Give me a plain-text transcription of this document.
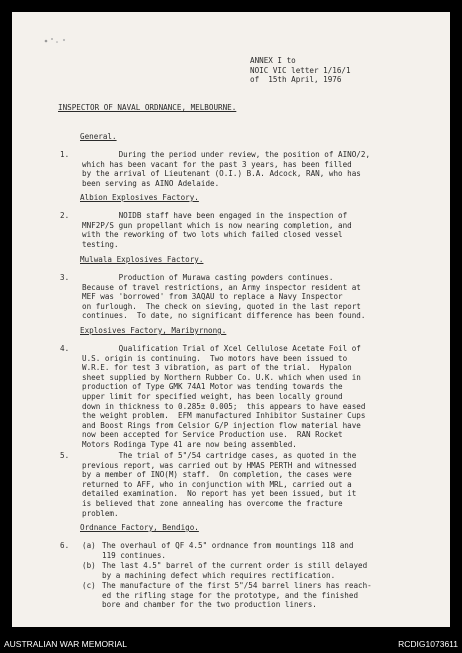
ANNEX I to
NOIC VIC letter 1/16/1
of  15th April, 1976
INSPECTOR OF NAVAL ORDNANCE, MELBOURNE.
General.
1.	During the period under review, the position of AINO/2,
which has been vacant for the past 3 years, has been filled
by the arrival of Lieutenant (O.I.) B.A. Adcock, RAN, who has
been serving as AINO Adelaide.
Albion Explosives Factory.
2.	NOIDB staff have been engaged in the inspection of
MNF2P/S gun propellant which is now nearing completion, and
with the reworking of two lots which failed closed vessel
testing.
Mulwala Explosives Factory.
3.	Production of Murawa casting powders continues.
Because of travel restrictions, an Army inspector resident at
MEF was 'borrowed' from 3AQAU to replace a Navy Inspector
on furlough.  The check on sieving, quoted in the last report
continues.  To date, no significant difference has been found.
Explosives Factory, Maribyrnong.
4.	Qualification Trial of Xcel Cellulose Acetate Foil of
U.S. origin is continuing.  Two motors have been issued to
W.R.E. for test 3 vibration, as part of the trial.  Hypalon
sheet supplied by Northern Rubber Co. U.K. which when used in
production of Type GMK 74A1 Motor was tending towards the
upper limit for specified weight, has been locally ground
down in thickness to 0.285± 0.005;  this appears to have eased
the weight problem.  EFM manufactured Inhibitor Sustainer Cups
and Boost Rings from Celsior G/P injection flow material have
now been accepted for Service Production use.  RAN Rocket
Motors Rodinga Type 41 are now being assembled.
5.	The trial of 5"/54 cartridge cases, as quoted in the
previous report, was carried out by HMAS PERTH and witnessed
by a member of INO(M) staff.  On completion, the cases were
returned to AFF, who in conjunction with MRL, carried out a
detailed examination.  No report has yet been issued, but it
is believed that zone annealing has overcome the fracture
problem.
Ordnance Factory, Bendigo.
6. (a) The overhaul of QF 4.5" ordnance from mountings 118 and
119 continues.
(b) The last 4.5" barrel of the current order is still delayed
by a machining defect which requires rectification.
(c) The manufacture of the first 5"/54 barrel liners has reach-
ed the rifling stage for the prototype, and the finished
bore and chamber for the two production liners.
AUSTRALIAN WAR MEMORIAL	RCDIG1073611
